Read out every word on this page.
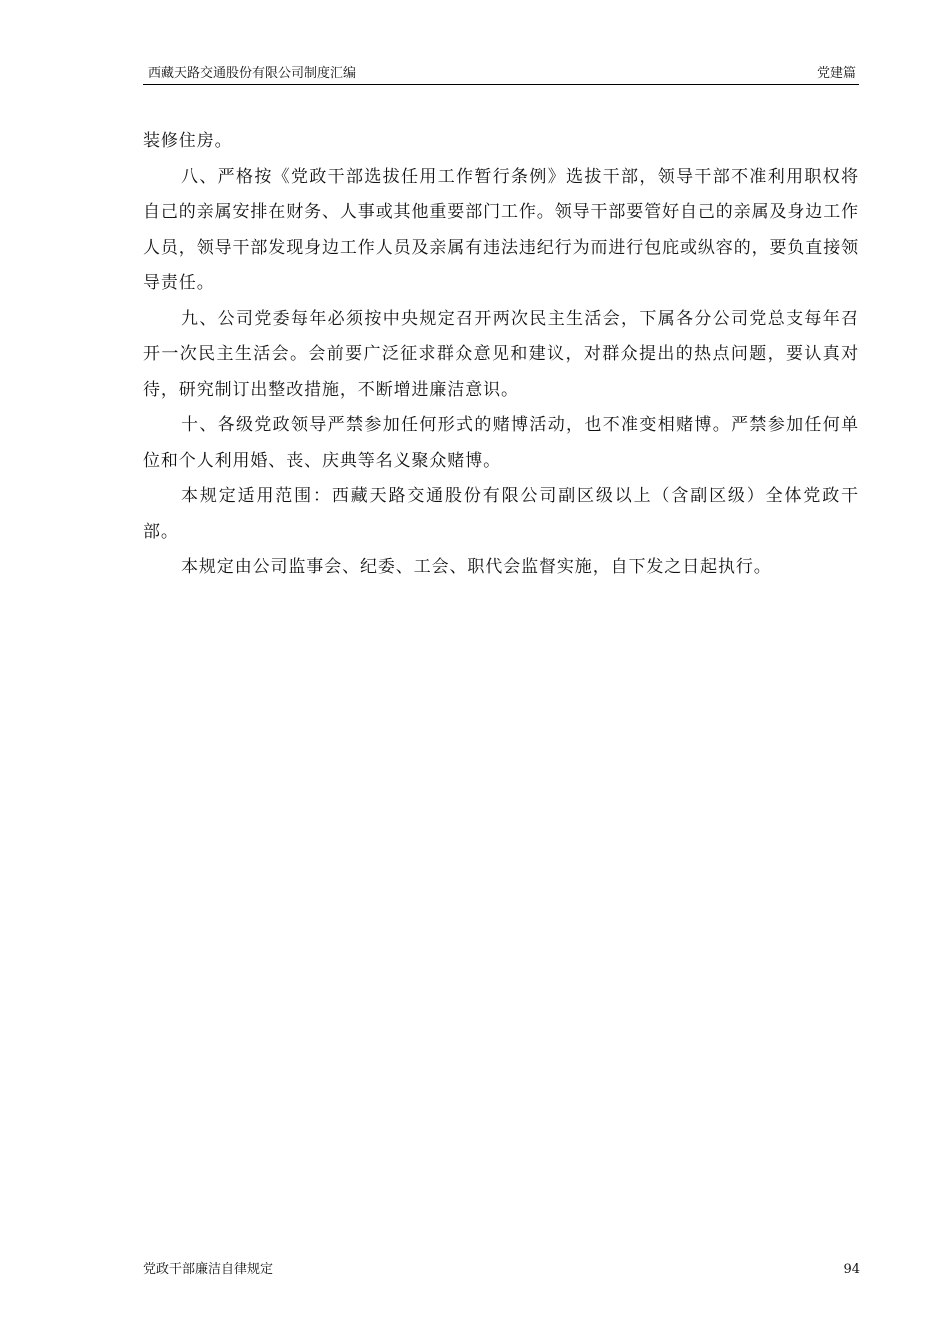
西藏天路交通股份有限公司制度汇编	党建篇

装修住房。

八、严格按《党政干部选拔任用工作暂行条例》选拔干部，领导干部不准利用职权将自己的亲属安排在财务、人事或其他重要部门工作。领导干部要管好自己的亲属及身边工作人员，领导干部发现身边工作人员及亲属有违法违纪行为而进行包庇或纵容的，要负直接领导责任。

九、公司党委每年必须按中央规定召开两次民主生活会，下属各分公司党总支每年召开一次民主生活会。会前要广泛征求群众意见和建议，对群众提出的热点问题，要认真对待，研究制订出整改措施，不断增进廉洁意识。

十、各级党政领导严禁参加任何形式的赌博活动，也不准变相赌博。严禁参加任何单位和个人利用婚、丧、庆典等名义聚众赌博。

本规定适用范围：西藏天路交通股份有限公司副区级以上（含副区级）全体党政干部。

本规定由公司监事会、纪委、工会、职代会监督实施，自下发之日起执行。

党政干部廉洁自律规定	94
